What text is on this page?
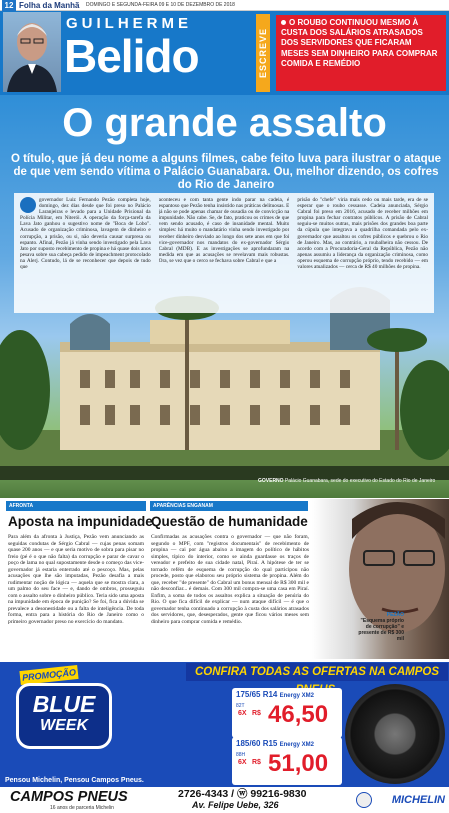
12 Folha da Manhã DOMINGO E SEGUNDA-FEIRA 09 E 10 DE DEZEMBRO DE 2018
GUILHERME
Belido	ESCREVE
O ROUBO CONTINUOU MESMO À CUSTA DOS SALÁRIOS ATRASADOS DOS SERVIDORES QUE FICARAM MESES SEM DINHEIRO PARA COMPRAR COMIDA E REMÉDIO
O grande assalto
O título, que já deu nome a alguns filmes, cabe feito luva para ilustrar o ataque de que vem sendo vítima o Palácio Guanabara. Ou, melhor dizendo, os cofres do Rio de Janeiro
governador Luiz Fernando Pezão completa hoje, domingo, dez dias desde que foi preso no Palácio Laranjeiras e levado para a Unidade Prisional da Polícia Militar, em Niterói. A operação da força-tarefa da Lava Jato ganhou o sugestivo nome de "Boca de Lobo". Acusado de organização criminosa, lavagem de dinheiro e corrupção, a prisão, ou si, não deveria causar surpresa ou espanto. Afinal, Pezão já vinha sendo investigado pela Lava Jato por suposto recebimento de propina e há quase dois anos pesava sobre sua cabeça pedido de impeachment protocolado na Alerj. Contudo, lá de se reconhecer que depois de tudo que
aconteceu e com tanta gente indo parar na cadeia, é espantoso que Pezão tenha insistido nas práticas delituosas. E já não se pode apenas chamar de ousadia ou de convicção na impunidade. Não cabe. Se, de fato, praticou os crimes de que vem sendo acusado, é caso de insanidade mental. Muito simples: há muito o mandatário vinha sendo investigado por receber dinheiro desviado ao longo dos sete anos em que foi vice-governador nos mandatos do ex-governador Sérgio Cabral (MDB). E as investigações se aprofundaram na medida em que as acusações se revelavam mais robustas. Ora, se vez que o cerco se fechava sobre Cabral e que a
prisão do "chefe" viria mais cedo ou mais tarde, era de se esperar que o roubo cessasse. Cadeia anunciada, Sérgio Cabral foi preso em 2016, acusado de receber milhões em propina para fechar contratos públicos. A prisão de Cabral seguiu-se muitos outras, mais prisões dos grandes boa parte da cúpula que integrava a quadrilha comandada pelo ex-governador que assaltou os cofres públicos e quebrou o Rio de Janeiro. Mas, ao contrário, a roubalheira não cessou. De acordo com a Procuradoria-Geral da República, Pezão não apenas assumiu a liderança da organização criminosa, como operou esquema de corrupção próprio, tendo recebido — em valores atualizados — cerca de R$ 40 milhões de propina.
GOVERNO Palácio Guanabara, sede do executivo do Estado do Rio de Janeiro
AFRONTA	APARÊNCIAS ENGANAM
Aposta na impunidade
Questão de humanidade
Para além da afronta à Justiça, Pezão vem anunciando as seguidas condutas de Sérgio Cabral — cujas penas somam quase 200 anos — e que seria motivo de sobra para pisar no freio (pé é o que não falta) da corrupção e parar de cavar o poço de lama no qual supostamente desde o começo das vice-governador já estaria enterrado até o pescoço. Mas, pelas acusações que lhe são imputadas, Pezão desafia a mais rudimentar noção de lógica — aquela que se mostra clara, a um palmo do seu face — e, dando de ombros, prosseguiu com o assalto sobre o dinheiro público. Teria sido uma aposta na impunidade em época de punição? Se foi, fica a dúvida se prevalece a desonestidade ou a falta de inteligência. De toda forma, entra para a história do Rio de Janeiro como o primeiro governador preso no exercício do mandato.
Confirmadas as acusações contra o governador — que não foram, segundo o MPF, com "registros documentais" de recebimento de propina — cai por água abaixo a imagem do político de hábitos simples, típico do interior, como se ainda guardasse os traços de vereador e prefeito de sua cidade natal, Piraí. A hipótese de ter se tornado refém de esquema de corrupção do qual participou não procede, posto que elaborou seu próprio sistema de propina. Além do que, receber "de presente" do Cabral um bonus mensal de R$ 300 mil e não desconfiar... é demais. Com 300 mil compra-se uma casa em Piraí. Enfim, a soma de todos os assaltos explica a situação de penúria do Rio. O que fica difícil de explicar — num ataque difícil — é que o governador tenha continuado a corrupção à custa dos salários atrasados dos servidores, que, desesperados, gente que ficou vários meses sem dinheiro para comprar comida e remédio.
PEZÃO
"Esquema próprio de corrupção" e presente de R$ 300 mil
CONFIRA TODAS AS OFERTAS NA CAMPOS
PROMOÇÃO
BLUE
WEEK
175/65 R14 Energy XM2
82T
6X R$ 46,50
185/60 R15 Energy XM2
88H
6X R$ 51,00
Pensou Michelin, Pensou Campos Pneus.
CAMPOS PNEUS
16 anos de parceria Michelin
2726-4343 / ⓦ 99216-9830
Av. Felipe Uebe, 326	MICHELIN
